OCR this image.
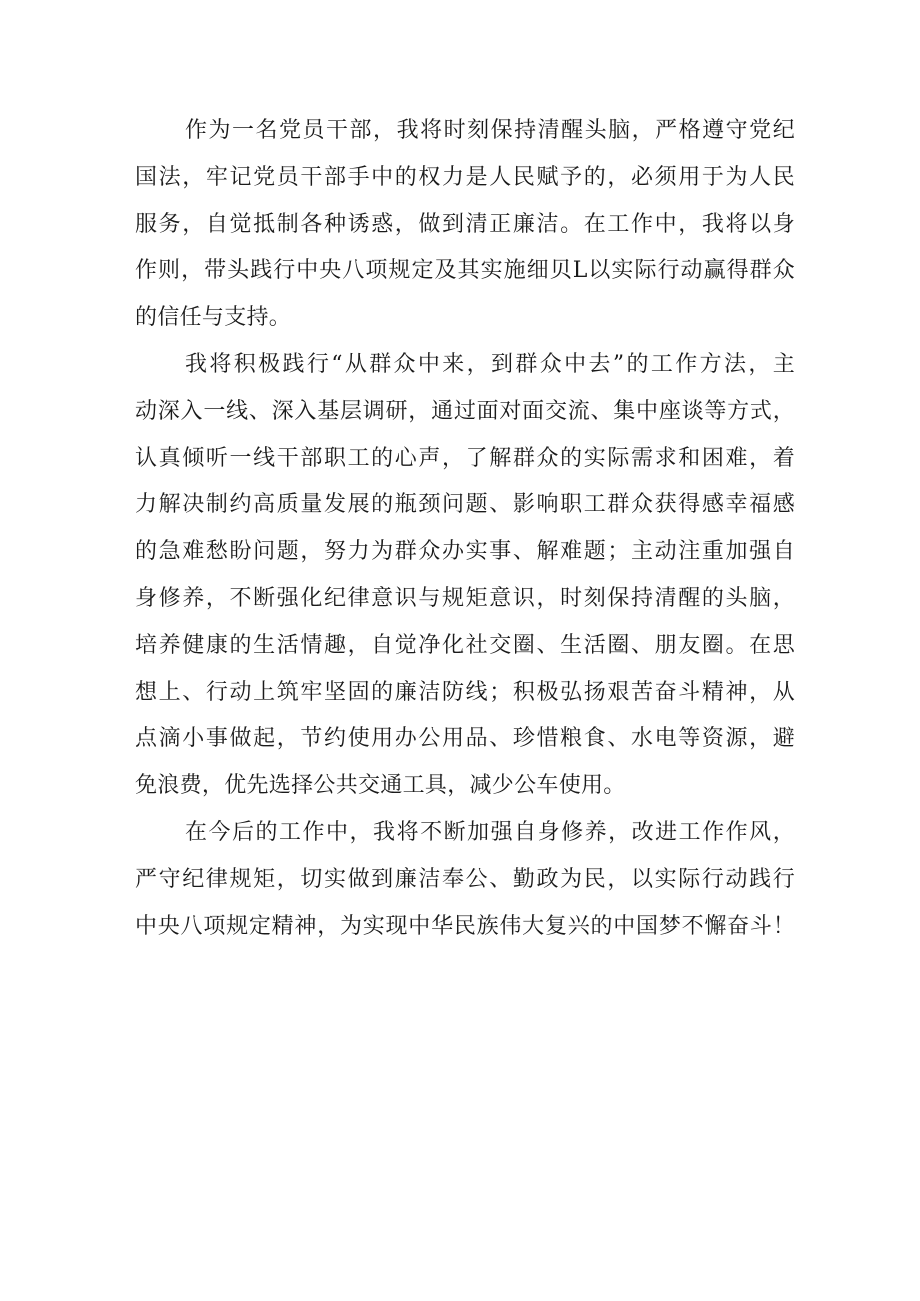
作为一名党员干部，我将时刻保持清醒头脑，严格遵守党纪
国法，牢记党员干部手中的权力是人民赋予的，必须用于为人民
服务，自觉抵制各种诱惑，做到清正廉洁。在工作中，我将以身
作则，带头践行中央八项规定及其实施细贝L以实际行动赢得群众
的信任与支持。
我将积极践行“从群众中来，到群众中去”的工作方法，主
动深入一线、深入基层调研，通过面对面交流、集中座谈等方式，
认真倾听一线干部职工的心声，了解群众的实际需求和困难，着
力解决制约高质量发展的瓶颈问题、影响职工群众获得感幸福感
的急难愁盼问题，努力为群众办实事、解难题；主动注重加强自
身修养，不断强化纪律意识与规矩意识，时刻保持清醒的头脑，
培养健康的生活情趣，自觉净化社交圈、生活圈、朋友圈。在思
想上、行动上筑牢坚固的廉洁防线；积极弘扬艰苦奋斗精神，从
点滴小事做起，节约使用办公用品、珍惜粮食、水电等资源，避
免浪费，优先选择公共交通工具，减少公车使用。
在今后的工作中，我将不断加强自身修养，改进工作作风，
严守纪律规矩，切实做到廉洁奉公、勤政为民，以实际行动践行
中央八项规定精神，为实现中华民族伟大复兴的中国梦不懈奋斗！
